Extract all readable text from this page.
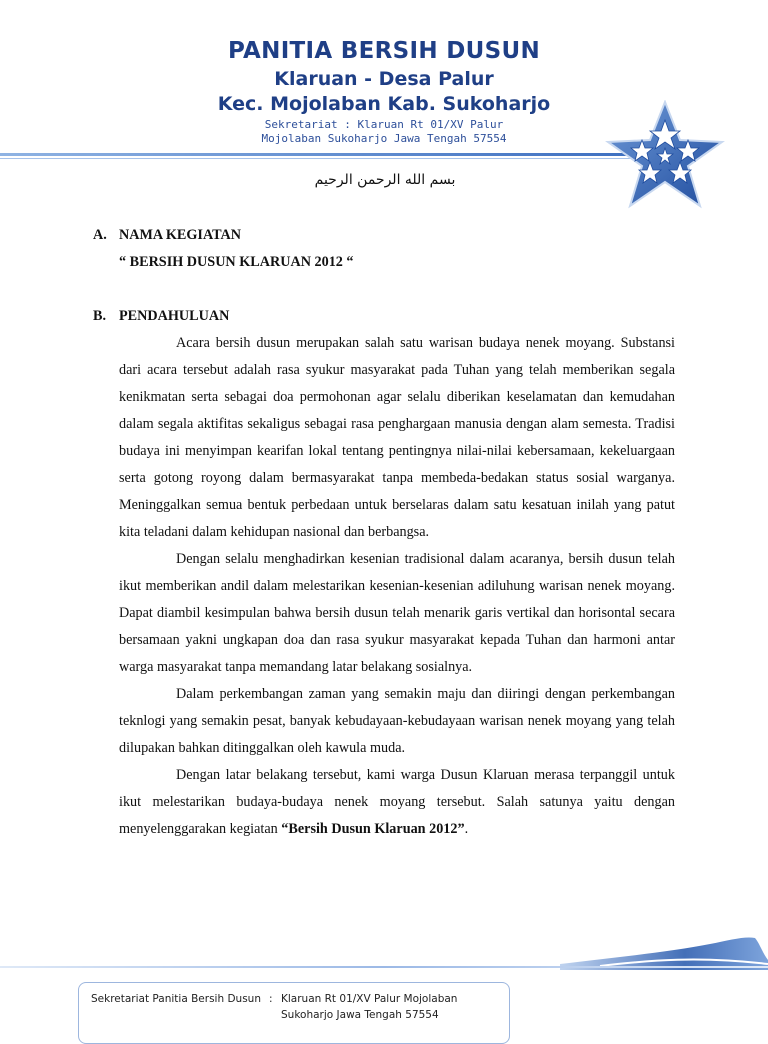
PANITIA BERSIH DUSUN
Klaruan - Desa Palur
Kec. Mojolaban Kab. Sukoharjo
Sekretariat : Klaruan Rt 01/XV Palur
Mojolaban Sukoharjo Jawa Tengah 57554
بسم الله الرحمن الرحيم
A. NAMA KEGIATAN
“ BERSIH DUSUN KLARUAN 2012 “
B. PENDAHULUAN

Acara bersih dusun merupakan salah satu warisan budaya nenek moyang. Substansi dari acara tersebut adalah rasa syukur masyarakat pada Tuhan yang telah memberikan segala kenikmatan serta sebagai doa permohonan agar selalu diberikan keselamatan dan kemudahan dalam segala aktifitas sekaligus sebagai rasa penghargaan manusia dengan alam semesta. Tradisi budaya ini menyimpan kearifan lokal tentang pentingnya nilai-nilai kebersamaan, kekeluargaan serta gotong royong dalam bermasyarakat tanpa membeda-bedakan status sosial warganya. Meninggalkan semua bentuk perbedaan untuk berselaras dalam satu kesatuan inilah yang patut kita teladani dalam kehidupan nasional dan berbangsa.

Dengan selalu menghadirkan kesenian tradisional dalam acaranya, bersih dusun telah ikut memberikan andil dalam melestarikan kesenian-kesenian adiluhung warisan nenek moyang. Dapat diambil kesimpulan bahwa bersih dusun telah menarik garis vertikal dan horisontal secara bersamaan yakni ungkapan doa dan rasa syukur masyarakat kepada Tuhan dan harmoni antar warga masyarakat tanpa memandang latar belakang sosialnya.

Dalam perkembangan zaman yang semakin maju dan diiringi dengan perkembangan teknlogi yang semakin pesat, banyak kebudayaan-kebudayaan warisan nenek moyang yang telah dilupakan bahkan ditinggalkan oleh kawula muda.

Dengan latar belakang tersebut, kami warga Dusun Klaruan merasa terpanggil untuk ikut melestarikan budaya-budaya nenek moyang tersebut. Salah satunya yaitu dengan menyelenggarakan kegiatan “Bersih Dusun Klaruan 2012”.

Sekretariat Panitia Bersih Dusun : Klaruan Rt 01/XV Palur Mojolaban
Sukoharjo Jawa Tengah 57554
